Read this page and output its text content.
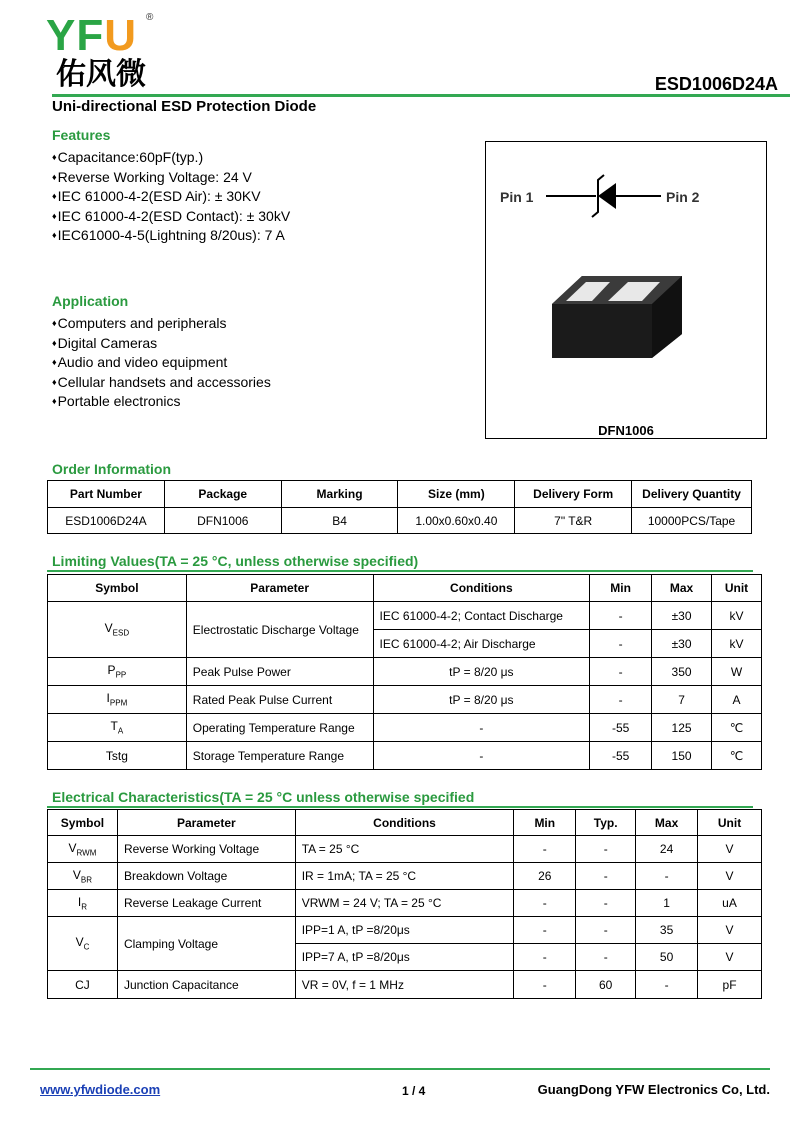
YFU ®
佑风微	ESD1006D24A
Uni-directional ESD Protection Diode
Features
♦ Capacitance:60pF(typ.)
♦ Reverse Working Voltage: 24 V
♦ IEC 61000-4-2(ESD Air): ± 30KV
♦ IEC 61000-4-2(ESD Contact): ± 30kV
♦ IEC61000-4-5(Lightning 8/20us): 7 A
Application
♦ Computers and peripherals
♦ Digital Cameras
♦ Audio and video equipment
♦ Cellular handsets and accessories
♦ Portable electronics
Pin 1	Pin 2
DFN1006
Order Information
Part Number	Package	Marking	Size (mm)	Delivery Form	Delivery Quantity
ESD1006D24A	DFN1006	B4	1.00x0.60x0.40	7" T&R	10000PCS/Tape
Limiting Values(TA = 25 °C, unless otherwise specified)
Symbol	Parameter	Conditions	Min	Max	Unit
$V_{ESD}$	Electrostatic Discharge Voltage	IEC 61000-4-2; Contact Discharge	-	±30	kV
		IEC 61000-4-2; Air Discharge	-	±30	kV
$P_{PP}$	Peak Pulse Power	tP = 8/20 μs	-	350	W
$I_{PPM}$	Rated Peak Pulse Current	tP = 8/20 μs	-	7	A
$T_A$	Operating Temperature Range	-	-55	125	℃
Tstg	Storage Temperature Range	-	-55	150	℃
Electrical Characteristics(TA = 25 °C unless otherwise specified
Symbol	Parameter	Conditions	Min	Typ.	Max	Unit
$V_{RWM}$	Reverse Working Voltage	TA = 25 °C	-	-	24	V
$V_{BR}$	Breakdown Voltage	IR = 1mA; TA = 25 °C	26	-	-	V
$I_R$	Reverse Leakage Current	VRWM = 24 V; TA = 25 °C	-	-	1	uA
$V_C$	Clamping Voltage	IPP=1 A, tP =8/20μs	-	-	35	V
		IPP=7 A, tP =8/20μs	-	-	50	V
CJ	Junction Capacitance	VR = 0V, f = 1 MHz	-	60	-	pF
www.yfwdiode.com	1 / 4	GuangDong YFW Electronics Co, Ltd.
